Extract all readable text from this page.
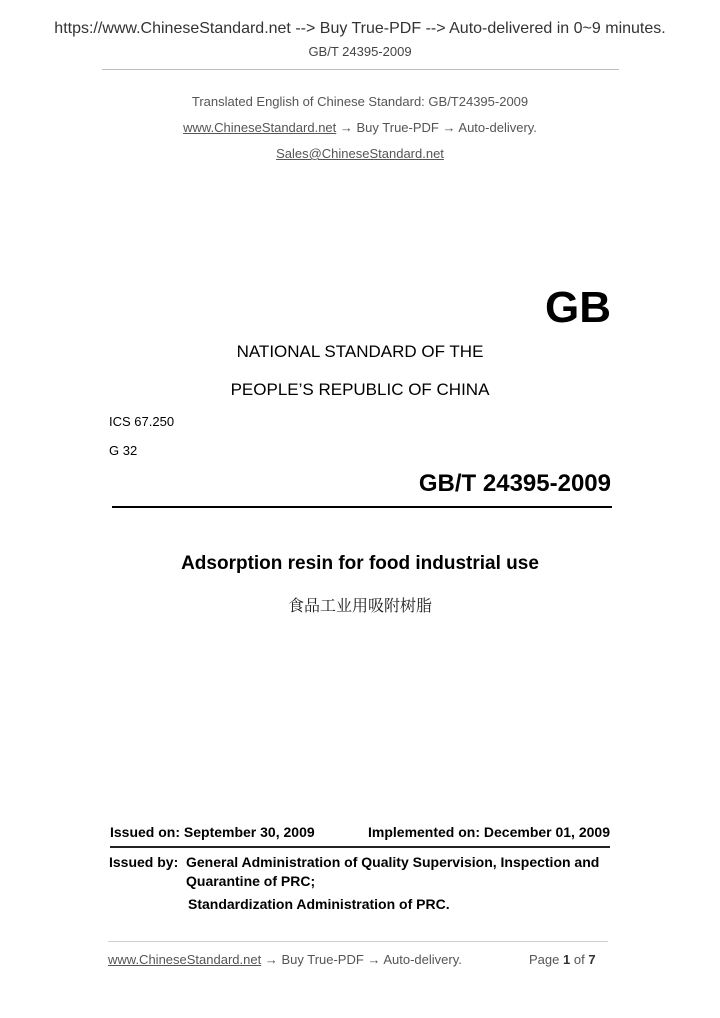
https://www.ChineseStandard.net --> Buy True-PDF --> Auto-delivered in 0~9 minutes.
GB/T 24395-2009
Translated English of Chinese Standard: GB/T24395-2009
www.ChineseStandard.net → Buy True-PDF → Auto-delivery.
Sales@ChineseStandard.net
GB
NATIONAL STANDARD OF THE
PEOPLE’S REPUBLIC OF CHINA
ICS 67.250
G 32
GB/T 24395-2009
Adsorption resin for food industrial use
食品工业用吸附树脂
Issued on: September 30, 2009	Implemented on: December 01, 2009
Issued by: General Administration of Quality Supervision, Inspection and
Quarantine of PRC;
Standardization Administration of PRC.
www.ChineseStandard.net → Buy True-PDF → Auto-delivery.	Page 1 of 7
